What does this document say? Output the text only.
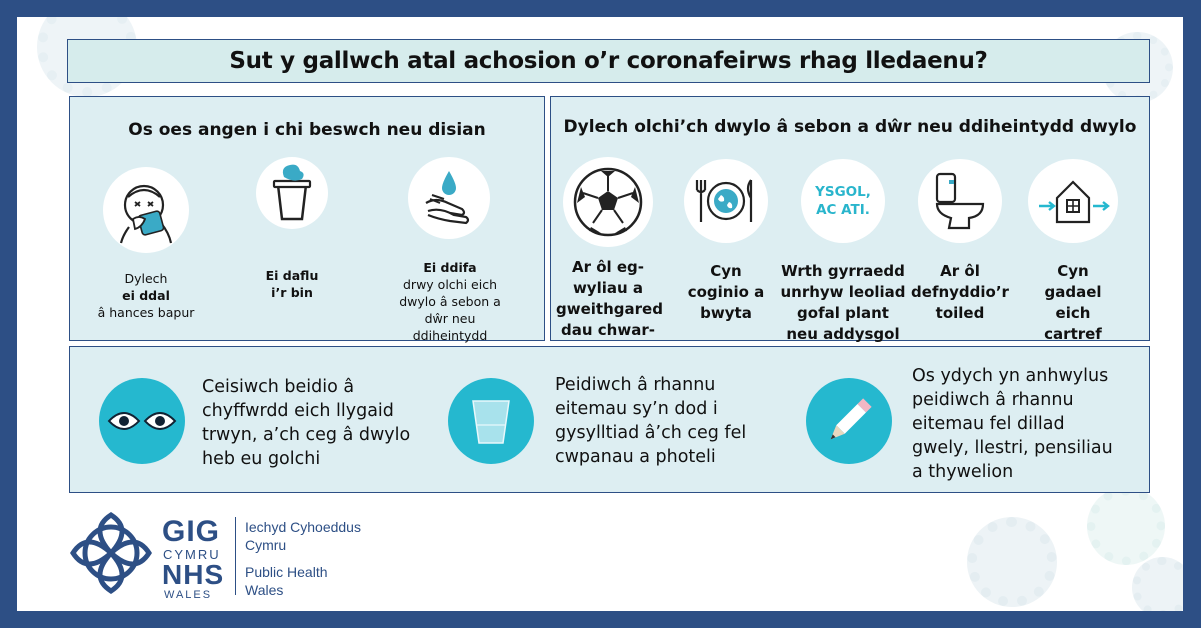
Sut y gallwch atal achosion o’r coronafeirws rhag lledaenu?
Os oes angen i chi beswch neu disian
Dylech

ei ddal
â hances bapur
Ei daflu
i’r bin
Ei ddifa
drwy olchi eich
dwylo â sebon a
dŵr neu ddiheintydd

Dylech olchi’ch dwylo â sebon a dŵr neu ddiheintydd dwylo
Ar ôl eg-
wyliau a
gweithgared
dau chwar-

Cyn
coginio a
bwyta
YSGOL,
AC ATI.
Wrth gyrraedd
unrhyw leoliad
gofal plant
neu addysgol
Ar ôl
defnyddio’r
toiled
Cyn
gadael
eich
cartref
Ceisiwch beidio â
chyffwrdd eich llygaid
trwyn, a’ch ceg â dwylo
heb eu golchi
Peidiwch â rhannu
eitemau sy’n dod i
gysylltiad â’ch ceg fel
cwpanau a photeli
Os ydych yn anhwylus
peidiwch â rhannu
eitemau fel dillad
gwely, llestri, pensiliau
a thywelion
GIG
CYMRU
NHS
WALES
Iechyd Cyhoeddus
Cymru
Public Health
Wales
